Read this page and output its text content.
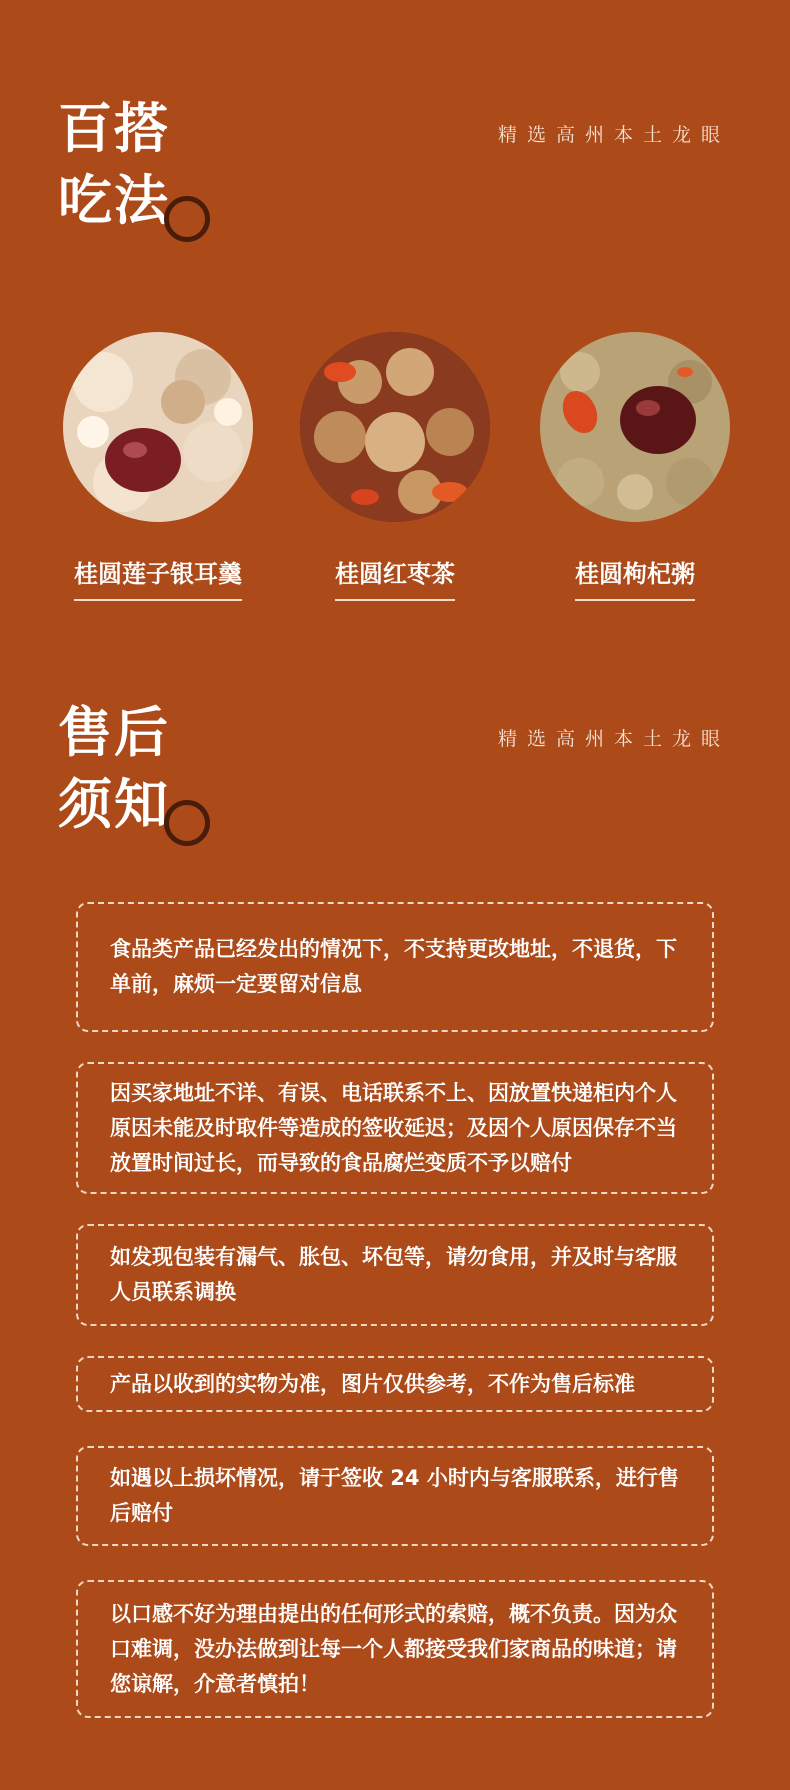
百搭
吃法
精选高州本土龙眼
桂圆莲子银耳羹	桂圆红枣茶	桂圆枸杞粥
售后
须知
精选高州本土龙眼
食品类产品已经发出的情况下，不支持更改地址，不退货，下单前，麻烦一定要留对信息
因买家地址不详、有误、电话联系不上、因放置快递柜内个人原因未能及时取件等造成的签收延迟；及因个人原因保存不当放置时间过长，而导致的食品腐烂变质不予以赔付
如发现包装有漏气、胀包、坏包等，请勿食用，并及时与客服人员联系调换
产品以收到的实物为准，图片仅供参考，不作为售后标准
如遇以上损坏情况，请于签收 24 小时内与客服联系，进行售后赔付
以口感不好为理由提出的任何形式的索赔，概不负责。因为众口难调，没办法做到让每一个人都接受我们家商品的味道；请您谅解，介意者慎拍！
